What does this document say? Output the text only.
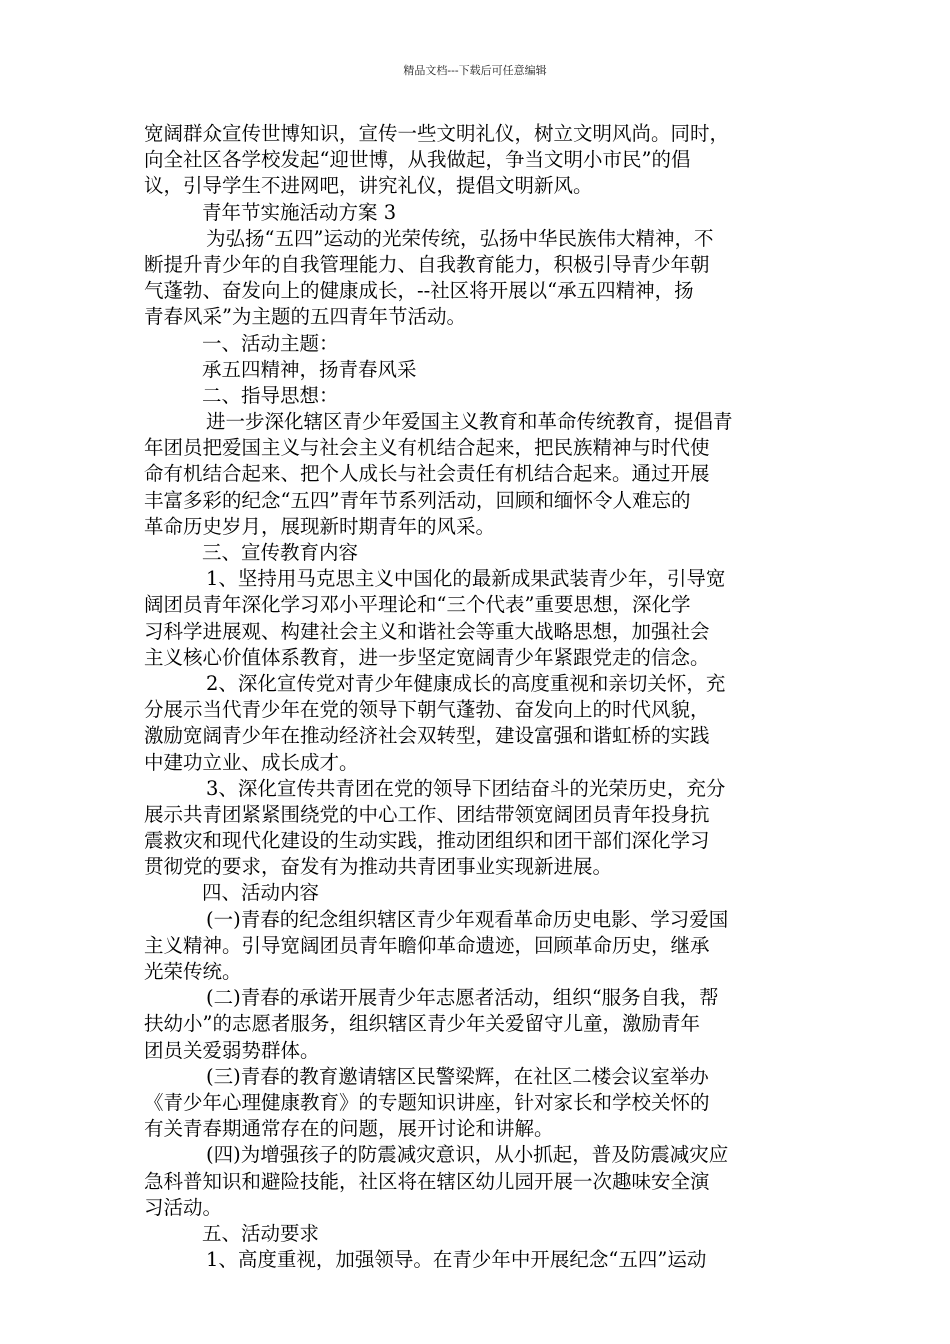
精品文档---下载后可任意编辑
宽阔群众宣传世博知识，宣传一些文明礼仪，树立文明风尚。同时，
向全社区各学校发起“迎世博，从我做起，争当文明小市民”的倡
议，引导学生不进网吧，讲究礼仪，提倡文明新风。
青年节实施活动方案 3
为弘扬“五四”运动的光荣传统，弘扬中华民族伟大精神，不
断提升青少年的自我管理能力、自我教育能力，积极引导青少年朝
气蓬勃、奋发向上的健康成长，--社区将开展以“承五四精神，扬
青春风采”为主题的五四青年节活动。
一、活动主题：
承五四精神，扬青春风采
二、指导思想：
进一步深化辖区青少年爱国主义教育和革命传统教育，提倡青
年团员把爱国主义与社会主义有机结合起来，把民族精神与时代使
命有机结合起来、把个人成长与社会责任有机结合起来。通过开展
丰富多彩的纪念“五四”青年节系列活动，回顾和缅怀令人难忘的
革命历史岁月，展现新时期青年的风采。
三、宣传教育内容
1、坚持用马克思主义中国化的最新成果武装青少年，引导宽
阔团员青年深化学习邓小平理论和“三个代表”重要思想，深化学
习科学进展观、构建社会主义和谐社会等重大战略思想，加强社会
主义核心价值体系教育，进一步坚定宽阔青少年紧跟党走的信念。
2、深化宣传党对青少年健康成长的高度重视和亲切关怀，充
分展示当代青少年在党的领导下朝气蓬勃、奋发向上的时代风貌，
激励宽阔青少年在推动经济社会双转型，建设富强和谐虹桥的实践
中建功立业、成长成才。
3、深化宣传共青团在党的领导下团结奋斗的光荣历史，充分
展示共青团紧紧围绕党的中心工作、团结带领宽阔团员青年投身抗
震救灾和现代化建设的生动实践，推动团组织和团干部们深化学习
贯彻党的要求，奋发有为推动共青团事业实现新进展。
四、活动内容
(一)青春的纪念组织辖区青少年观看革命历史电影、学习爱国
主义精神。引导宽阔团员青年瞻仰革命遗迹，回顾革命历史，继承
光荣传统。
(二)青春的承诺开展青少年志愿者活动，组织“服务自我，帮
扶幼小”的志愿者服务，组织辖区青少年关爱留守儿童，激励青年
团员关爱弱势群体。
(三)青春的教育邀请辖区民警梁辉，在社区二楼会议室举办
《青少年心理健康教育》的专题知识讲座，针对家长和学校关怀的
有关青春期通常存在的问题，展开讨论和讲解。
(四)为增强孩子的防震减灾意识，从小抓起，普及防震减灾应
急科普知识和避险技能，社区将在辖区幼儿园开展一次趣味安全演
习活动。
五、活动要求
1、高度重视，加强领导。在青少年中开展纪念“五四”运动
